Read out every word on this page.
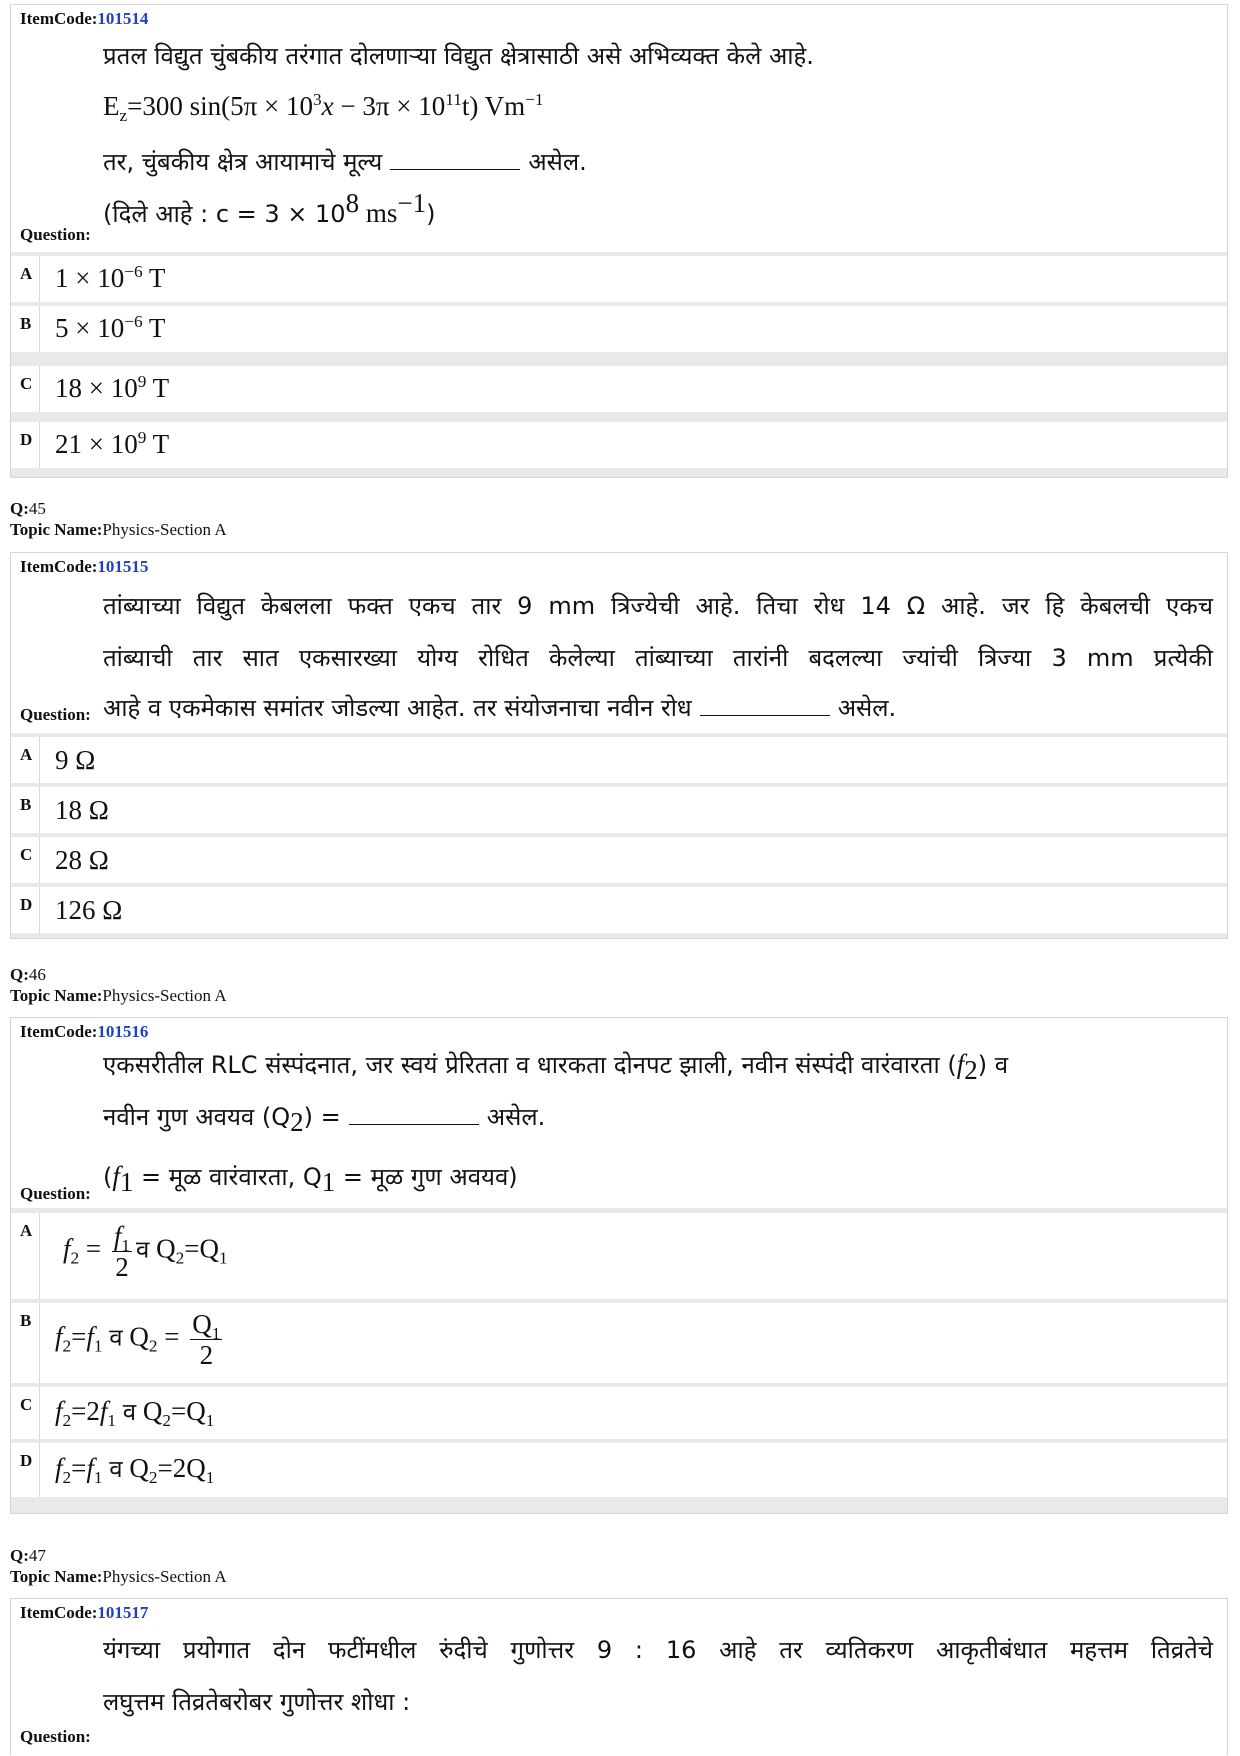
ItemCode:101514
Question:
प्रतल विद्युत चुंबकीय तरंगात दोलणाऱ्या विद्युत क्षेत्रासाठी असे अभिव्यक्त केले आहे.
$E_z=300$ $\sin(5\pi \times 10^3x - 3\pi \times 10^{11}t)$ $Vm^{-1}$
तर, चुंबकीय क्षेत्र आयामाचे मूल्य	असेल.
(दिले आहे : $c = 3 \times 10^8$ $ms^{-1}$)
A $1 \times 10^{-6}$ T
B $5 \times 10^{-6}$ T
C $18 \times 10^9$ T
D $21 \times 10^9$ T
Q:45
Topic Name:Physics-Section A
ItemCode:101515
Question:
तांब्याच्या विद्युत केबलला फक्त एकच तार 9 mm त्रिज्येची आहे. तिचा रोध 14 Ω आहे. जर हि केबलची एकच
तांब्याची तार सात एकसारख्या योग्य रोधित केलेल्या तांब्याच्या तारांनी बदलल्या ज्यांची त्रिज्या 3 mm प्रत्येकी
आहे व एकमेकास समांतर जोडल्या आहेत. तर संयोजनाचा नवीन रोध	असेल.
A 9 Ω
B 18 Ω
C 28 Ω
D 126 Ω
Q:46
Topic Name:Physics-Section A
ItemCode:101516
Question:
एकसरीतील RLC संस्पंदनात, जर स्वयं प्रेरितता व धारकता दोनपट झाली, नवीन संस्पंदी वारंवारता $(f_2)$ व
नवीन गुण अवयव $(Q_2)$ =	असेल.
($f_1$ = मूळ वारंवारता, $Q_1$ = मूळ गुण अवयव)
A
$f_2 = \frac{f_1}{2}$ व $Q_2=Q_1$
B
$f_2=f_1$ व $Q_2 = \frac{Q_1}{2}$
C $f_2=2f_1$ व $Q_2=Q_1$
D $f_2=f_1$ व $Q_2=2Q_1$
Q:47
Topic Name:Physics-Section A
ItemCode:101517
Question:
यंगच्या प्रयोगात दोन फटींमधील रुंदीचे गुणोत्तर 9 : 16 आहे तर व्यतिकरण आकृतीबंधात महत्तम तिव्रतेचे
लघुत्तम तिव्रतेबरोबर गुणोत्तर शोधा :
